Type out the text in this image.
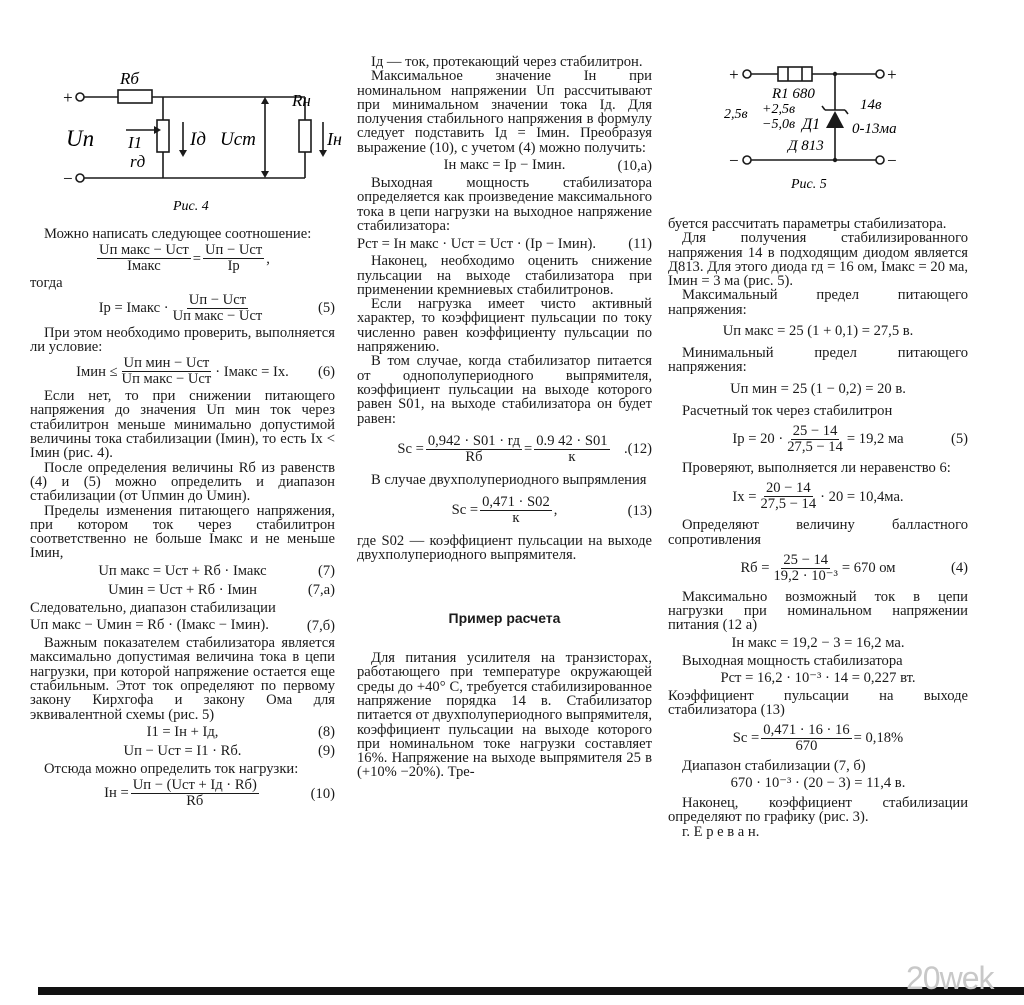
+
−
Rб
Uп I1
rд
Iд Uст
Rн
Iн
Рис. 4

Можно написать следующее соотношение:

Uп макс − Uст
Iмакс =
Uп − Uст
Iр ,

тогда

Iр = Iмакс ·
Uп − Uст
Uп макс − Uст	(5)

При этом необходимо проверить, выполняется ли условие:

Iмин ≤
Uп мин − Uст
Uп макс − Uст · Iмакс = Iх. (6)

Если нет, то при снижении питающего напряжения до значения Uп мин ток через стабилитрон меньше минимально допустимой величины тока стабилизации (Iмин), то есть Iх < Iмин (рис. 4).

После определения величины Rб из равенств (4) и (5) можно определить и диапазон стабилизации (от Uпмин до Uмин).

Пределы изменения питающего напряжения, при котором ток через стабилитрон соответственно не больше Iмакс и не меньше Iмин,

Uп макс = Uст + Rб · Iмакс	(7)
Uмин = Uст + Rб · Iмин	(7,а)

Следовательно, диапазон стабилизации

Uп макс − Uмин = Rб · (Iмакс − Iмин).	(7,б)

Важным показателем стабилизатора является максимально допустимая величина тока в цепи нагрузки, при которой напряжение остается еще стабильным. Этот ток определяют по первому закону Кирхгофа и закону Ома для эквивалентной схемы (рис. 5)

I1 = Iн + Iд,	(8)
Uп − Uст = I1 · Rб.	(9)

Отсюда можно определить ток нагрузки:

Iн =
Uп − (Uст + Iд · Rб)
Rб	(10)

Iд — ток, протекающий через стабилитрон.

Максимальное значение Iн при номинальном напряжении Uп рассчитывают при минимальном значении тока Iд. Для получения стабильного напряжения в формулу следует подставить Iд = Iмин. Преобразуя выражение (10), с учетом (4) можно получить:

Iн макс = Iр − Iмин.	(10,а)

Выходная мощность стабилизатора определяется как произведение максимального тока в цепи нагрузки на выходное напряжение стабилизатора:

Pст = Iн макс · Uст = Uст · (Iр − Iмин). (11)

Наконец, необходимо оценить снижение пульсации на выходе стабилизатора при применении кремниевых стабилитронов.

Если нагрузка имеет чисто активный характер, то коэффициент пульсации по току численно равен коэффициенту пульсации по напряжению.

В том случае, когда стабилизатор питается от однополупериодного выпрямителя, коэффициент пульсации на выходе которого равен S01, на выходе стабилизатора он будет равен:

Sс =
0,942 · S01 · rд
Rб	=
0.9 42 · S01
к	.(12)

В случае двухполупериодного выпрямления

Sс =
0,471 · S02
к ,	(13)

где S02 — коэффициент пульсации на выходе двухполупериодного выпрямителя.

Пример расчета

Для питания усилителя на транзисторах, работающего при температуре окружающей среды до +40° С, требуется стабилизированное напряжение порядка 14 в. Стабилизатор питается от двухполупериодного выпрямителя, коэффициент пульсации на выходе которого при номинальном токе нагрузки составляет 16%. Напряжение на выходе выпрямителя 25 в (+10% −20%). Тре-

+	+
−	−
R1 680
2,5в +2,5в
−5,0в Д1
Д 813
14в
0-13ма
Рис. 5

буется рассчитать параметры стабилизатора.

Для получения стабилизированного напряжения 14 в подходящим диодом является Д813. Для этого диода rд = 16 ом, Iмакс = 20 ма, Iмин = 3 ма (рис. 5).

Максимальный предел питающего напряжения:

Uп макс = 25 (1 + 0,1) = 27,5 в.

Минимальный предел питающего напряжения:

Uп мин = 25 (1 − 0,2) = 20 в.

Расчетный ток через стабилитрон

Iр = $20 \cdot \frac{25 - 14}{27,5 - 14} = 19,2$ ма	(5)

Проверяют, выполняется ли неравенство 6:

Iх = $\frac{20 - 14}{27,5 - 14} \cdot 20 = 10,4ма$.

Определяют величину балластного сопротивления

Rб = $\frac{25 - 14}{\text{19,2 · 10⁻³}} = 670$ ом	(4)

Максимально возможный ток в цепи нагрузки при номинальном напряжении питания (12 а)

Iн макс = 19,2 − 3 = 16,2 ма.

Выходная мощность стабилизатора

Pст = 16,2 · 10⁻³ · 14 = 0,227 вт.

Коэффициент пульсации на выходе стабилизатора (13)

Sс = $\frac{0,471 \cdot 16 \cdot 16}{670} = 0,18\%$

Диапазон стабилизации (7, б)

670 · 10⁻³ · (20 − 3) = 11,4 в.

Наконец, коэффициент стабилизации определяют по графику (рис. 3).

г. Е р е в а н.

20wek
